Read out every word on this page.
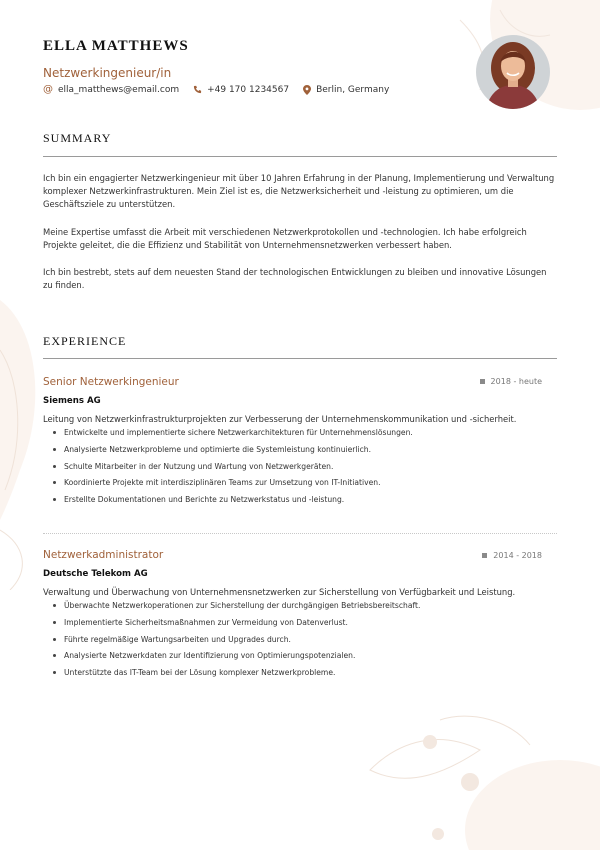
ELLA MATTHEWS
Netzwerkingenieur/in
@ ella_matthews@email.com	+49 170 1234567	Berlin, Germany
SUMMARY
Ich bin ein engagierter Netzwerkingenieur mit über 10 Jahren Erfahrung in der Planung, Implementierung und Verwaltung komplexer Netzwerkinfrastrukturen. Mein Ziel ist es, die Netzwerksicherheit und -leistung zu optimieren, um die Geschäftsziele zu unterstützen.
Meine Expertise umfasst die Arbeit mit verschiedenen Netzwerkprotokollen und -technologien. Ich habe erfolgreich Projekte geleitet, die die Effizienz und Stabilität von Unternehmensnetzwerken verbessert haben.
Ich bin bestrebt, stets auf dem neuesten Stand der technologischen Entwicklungen zu bleiben und innovative Lösungen zu finden.
EXPERIENCE
Senior Netzwerkingenieur	2018 - heute
Siemens AG
Leitung von Netzwerkinfrastrukturprojekten zur Verbesserung der Unternehmenskommunikation und -sicherheit.
Entwickelte und implementierte sichere Netzwerkarchitekturen für Unternehmenslösungen.
Analysierte Netzwerkprobleme und optimierte die Systemleistung kontinuierlich.
Schulte Mitarbeiter in der Nutzung und Wartung von Netzwerkgeräten.
Koordinierte Projekte mit interdisziplinären Teams zur Umsetzung von IT-Initiativen.
Erstellte Dokumentationen und Berichte zu Netzwerkstatus und -leistung.
Netzwerkadministrator	2014 - 2018
Deutsche Telekom AG
Verwaltung und Überwachung von Unternehmensnetzwerken zur Sicherstellung von Verfügbarkeit und Leistung.
Überwachte Netzwerkoperationen zur Sicherstellung der durchgängigen Betriebsbereitschaft.
Implementierte Sicherheitsmaßnahmen zur Vermeidung von Datenverlust.
Führte regelmäßige Wartungsarbeiten und Upgrades durch.
Analysierte Netzwerkdaten zur Identifizierung von Optimierungspotenzialen.
Unterstützte das IT-Team bei der Lösung komplexer Netzwerkprobleme.
